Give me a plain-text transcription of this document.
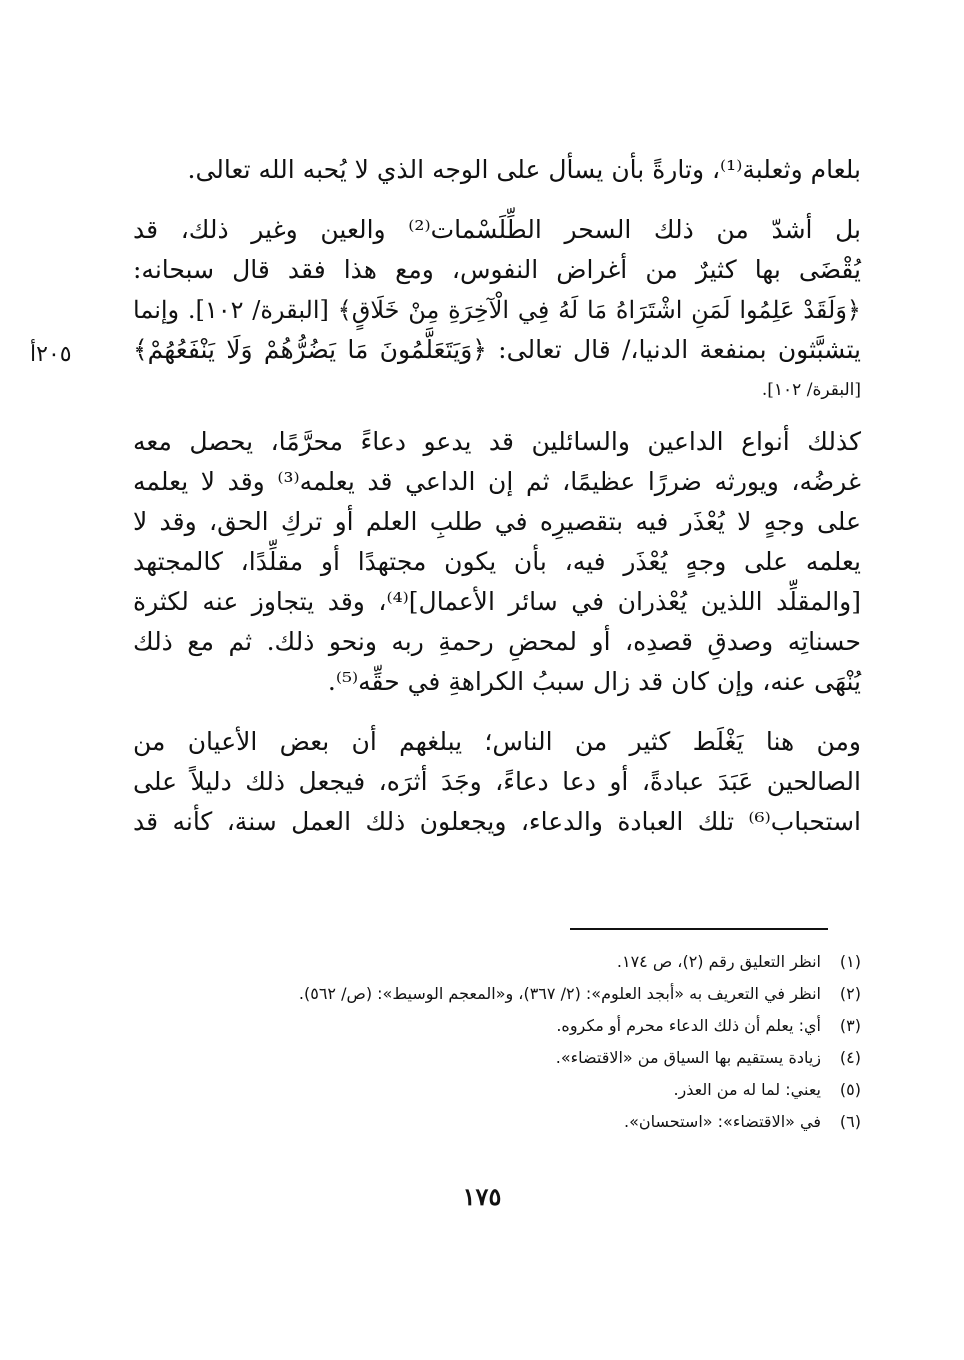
بلعام وثعلبة⁽¹⁾، وتارةً بأن يسأل على الوجه الذي لا يُحبه الله تعالى.
بل أشدّ من ذلك السحر الطِّلَسْمات⁽²⁾ والعين وغير ذلك، قد
يُقْضَى بها كثيرٌ من أغراض النفوس، ومع هذا فقد قال سبحانه:
﴿وَلَقَدْ عَلِمُوا لَمَنِ اشْتَرَاهُ مَا لَهُ فِي الْآخِرَةِ مِنْ خَلَاقٍ﴾ [البقرة/ ١٠٢]. وإنما
يتشبَّثون بمنفعة الدنيا،/ قال تعالى: ﴿وَيَتَعَلَّمُونَ مَا يَضُرُّهُمْ وَلَا يَنْفَعُهُمْ﴾
[البقرة/ ١٠٢].
كذلك أنواع الداعين والسائلين قد يدعو دعاءً محرَّمًا، يحصل معه
غرضُه، ويورثه ضررًا عظيمًا، ثم إن الداعي قد يعلمه⁽³⁾ وقد لا يعلمه
على وجهٍ لا يُعْذَر فيه بتقصيرِه في طلبِ العلم أو تركِ الحق، وقد لا
يعلمه على وجهٍ يُعْذَر فيه، بأن يكون مجتهدًا أو مقلِّدًا، كالمجتهد
[والمقلِّد اللذين يُعْذران في سائر الأعمال]⁽⁴⁾، وقد يتجاوز عنه لكثرة
حسناتِه وصدقِ قصدِه، أو لمحضِ رحمةِ ربه ونحو ذلك. ثم مع ذلك
يُنْهَى عنه، وإن كان قد زال سببُ الكراهةِ في حقِّه⁽⁵⁾.
ومن هنا يَغْلَط كثير من الناس؛ يبلغهم أن بعض الأعيان من
الصالحين عَبَدَ عبادةً، أو دعا دعاءً، وجَدَ أثرَه، فيجعل ذلك دليلاً على
استحباب⁽⁶⁾ تلك العبادة والدعاء، ويجعلون ذلك العمل سنة، كأنه قد
٢٠٥أ
(١)انظر التعليق رقم (٢)، ص ١٧٤.
(٢)انظر في التعريف به «أبجد العلوم»: (٢/ ٣٦٧)، و«المعجم الوسيط»: (ص/ ٥٦٢).
(٣)أي: يعلم أن ذلك الدعاء محرم أو مكروه.
(٤)زيادة يستقيم بها السياق من «الاقتضاء».
(٥)يعني: لما له من العذر.
(٦)في «الاقتضاء»: «استحسان».
١٧٥
